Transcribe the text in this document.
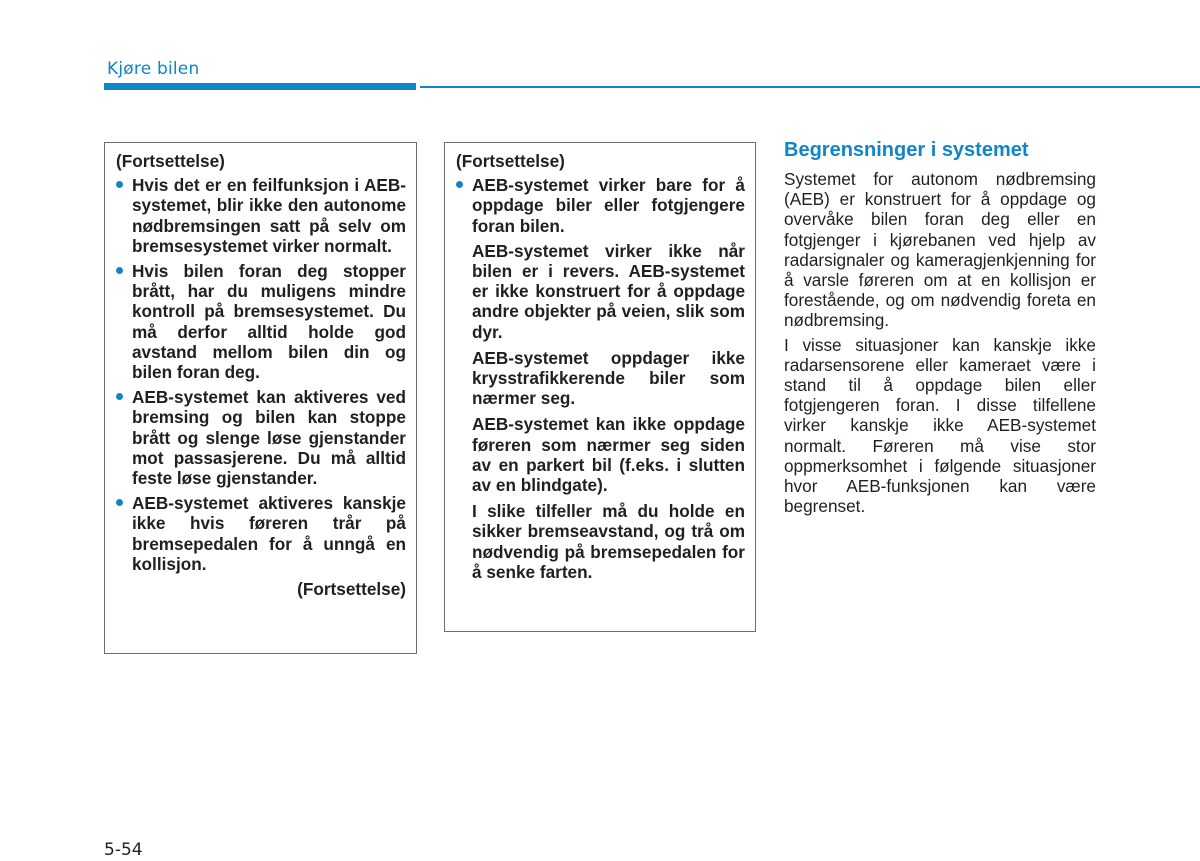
Kjøre bilen
(Fortsettelse)
Hvis det er en feilfunksjon i AEB-systemet, blir ikke den autonome nødbremsingen satt på selv om bremsesystemet virker normalt.
Hvis bilen foran deg stopper brått, har du muligens mindre kontroll på bremsesystemet. Du må derfor alltid holde god avstand mellom bilen din og bilen foran deg.
AEB-systemet kan aktiveres ved bremsing og bilen kan stoppe brått og slenge løse gjenstander mot passasjerene. Du må alltid feste løse gjenstander.
AEB-systemet aktiveres kanskje ikke hvis føreren trår på bremsepedalen for å unngå en kollisjon.
(Fortsettelse)
(Fortsettelse)
AEB-systemet virker bare for å oppdage biler eller fotgjengere foran bilen.

AEB-systemet virker ikke når bilen er i revers. AEB-systemet er ikke konstruert for å oppdage andre objekter på veien, slik som dyr.

AEB-systemet oppdager ikke krysstrafikkerende biler som nærmer seg.

AEB-systemet kan ikke oppdage føreren som nærmer seg siden av en parkert bil (f.eks. i slutten av en blindgate).

I slike tilfeller må du holde en sikker bremseavstand, og trå om nødvendig på bremsepedalen for å senke farten.

Begrensninger i systemet

Systemet for autonom nødbremsing (AEB) er konstruert for å oppdage og overvåke bilen foran deg eller en fotgjenger i kjørebanen ved hjelp av radarsignaler og kameragjenkjenning for å varsle føreren om at en kollisjon er forestående, og om nødvendig foreta en nødbremsing.

I visse situasjoner kan kanskje ikke radarsensorene eller kameraet være i stand til å oppdage bilen eller fotgjengeren foran. I disse tilfellene virker kanskje ikke AEB-systemet normalt. Føreren må vise stor oppmerksomhet i følgende situasjoner hvor AEB-funksjonen kan være begrenset.

5-54
